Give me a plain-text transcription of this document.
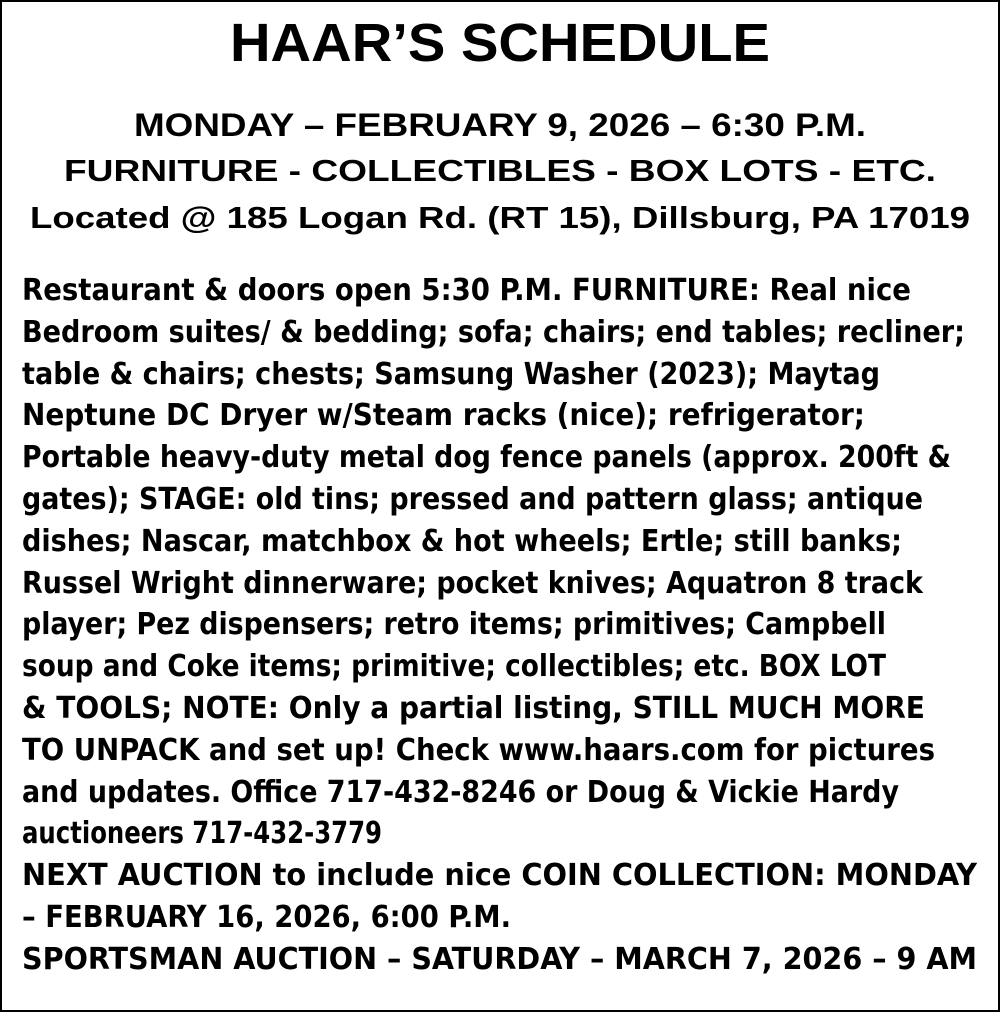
HAAR’S SCHEDULE
MONDAY – FEBRUARY 9, 2026 – 6:30 P.M.
FURNITURE - COLLECTIBLES - BOX LOTS - ETC.
Located @ 185 Logan Rd. (RT 15), Dillsburg, PA 17019
Restaurant & doors open 5:30 P.M. FURNITURE: Real nice
Bedroom suites/ & bedding; sofa; chairs; end tables; recliner;
table & chairs; chests; Samsung Washer (2023); Maytag
Neptune DC Dryer w/Steam racks (nice); refrigerator;
Portable heavy-duty metal dog fence panels (approx. 200ft &
gates); STAGE: old tins; pressed and pattern glass; antique
dishes; Nascar, matchbox & hot wheels; Ertle; still banks;
Russel Wright dinnerware; pocket knives; Aquatron 8 track
player; Pez dispensers; retro items; primitives; Campbell
soup and Coke items; primitive; collectibles; etc. BOX LOT
& TOOLS; NOTE: Only a partial listing, STILL MUCH MORE
TO UNPACK and set up! Check www.haars.com for pictures
and updates. Office 717-432-8246 or Doug & Vickie Hardy
auctioneers 717-432-3779
NEXT AUCTION to include nice COIN COLLECTION: MONDAY
– FEBRUARY 16, 2026, 6:00 P.M.
SPORTSMAN AUCTION – SATURDAY – MARCH 7, 2026 – 9 AM
